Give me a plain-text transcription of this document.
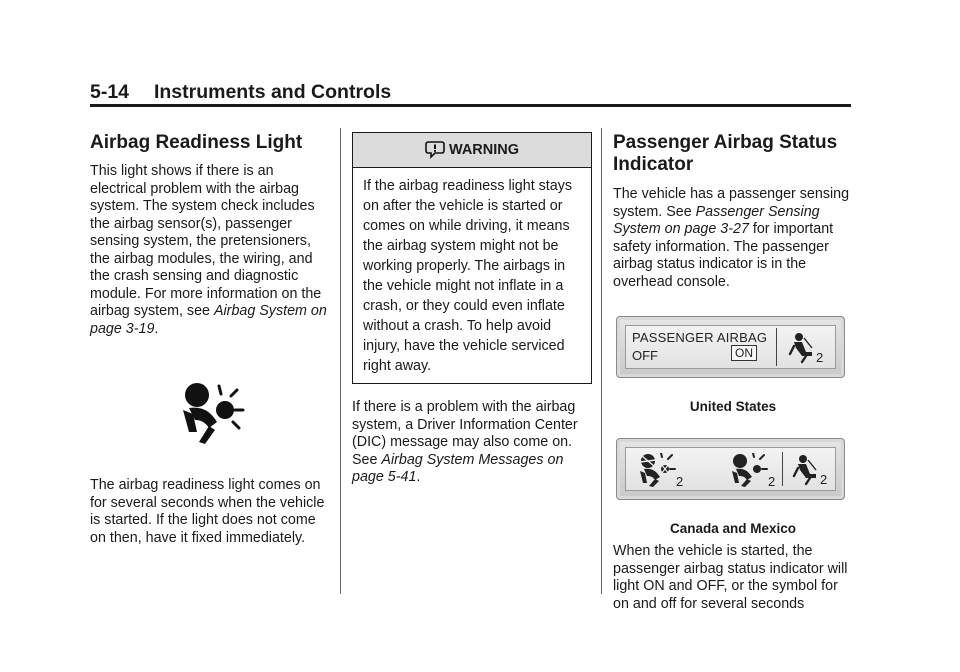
5-14  Instruments and Controls
Airbag Readiness Light

This light shows if there is an electrical problem with the airbag system. The system check includes the airbag sensor(s), passenger sensing system, the pretensioners, the airbag modules, the wiring, and the crash sensing and diagnostic module. For more information on the airbag system, see Airbag System on page 3-19.

The airbag readiness light comes on for several seconds when the vehicle is started. If the light does not come on then, have it fixed immediately.

WARNING
If the airbag readiness light stays on after the vehicle is started or comes on while driving, it means the airbag system might not be working properly. The airbags in the vehicle might not inflate in a crash, or they could even inflate without a crash. To help avoid injury, have the vehicle serviced right away.

If there is a problem with the airbag system, a Driver Information Center (DIC) message may also come on. See Airbag System Messages on page 5-41.

Passenger Airbag Status Indicator

The vehicle has a passenger sensing system. See Passenger Sensing System on page 3-27 for important safety information. The passenger airbag status indicator is in the overhead console.

PASSENGER AIRBAG
OFF	ON	2
United States
2	2	2
Canada and Mexico

When the vehicle is started, the passenger airbag status indicator will light ON and OFF, or the symbol for on and off for several seconds
